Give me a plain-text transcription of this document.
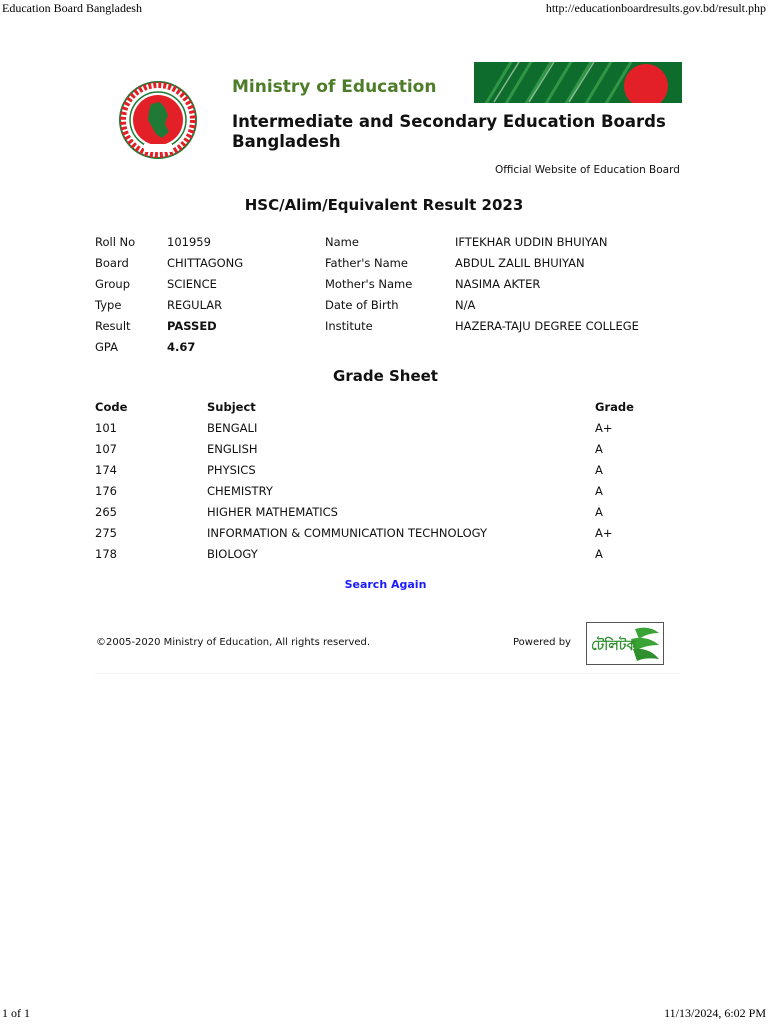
Education Board Bangladesh	http://educationboardresults.gov.bd/result.php
Ministry of Education
Intermediate and Secondary Education Boards Bangladesh
Official Website of Education Board
HSC/Alim/Equivalent Result 2023
Roll No	101959	Name	IFTEKHAR UDDIN BHUIYAN
Board	CHITTAGONG	Father's Name	ABDUL ZALIL BHUIYAN
Group	SCIENCE	Mother's Name	NASIMA AKTER
Type	REGULAR	Date of Birth	N/A
Result	PASSED	Institute	HAZERA-TAJU DEGREE COLLEGE
GPA	4.67
Grade Sheet
Code	Subject	Grade
101	BENGALI	A+
107	ENGLISH	A
174	PHYSICS	A
176	CHEMISTRY	A
265	HIGHER MATHEMATICS	A
275	INFORMATION & COMMUNICATION TECHNOLOGY	A+
178	BIOLOGY	A
Search Again
©2005-2020 Ministry of Education, All rights reserved.	Powered by টেলিটক
1 of 1	11/13/2024, 6:02 PM
